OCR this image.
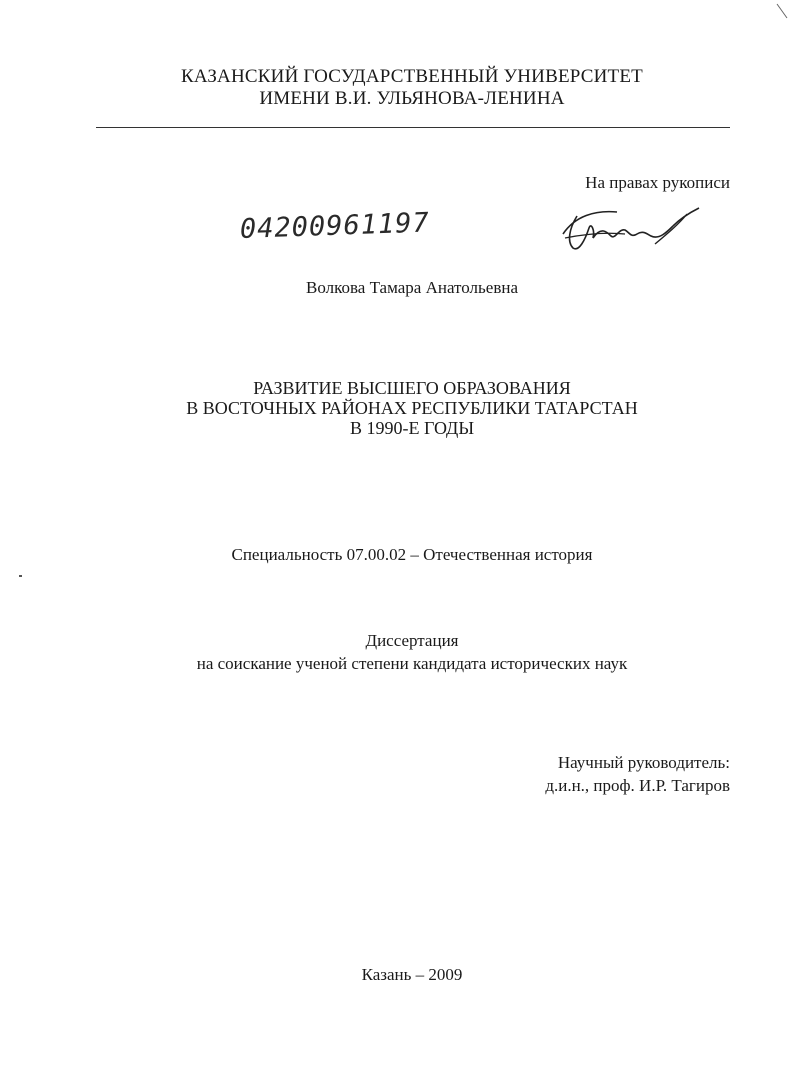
КАЗАНСКИЙ ГОСУДАРСТВЕННЫЙ УНИВЕРСИТЕТ
ИМЕНИ В.И. УЛЬЯНОВА-ЛЕНИНА
На правах рукописи
04200961197
Волкова Тамара Анатольевна
РАЗВИТИЕ ВЫСШЕГО ОБРАЗОВАНИЯ
В ВОСТОЧНЫХ РАЙОНАХ РЕСПУБЛИКИ ТАТАРСТАН
В 1990-Е ГОДЫ
Специальность 07.00.02 – Отечественная история
Диссертация
на соискание ученой степени кандидата исторических наук
Научный руководитель:
д.и.н., проф. И.Р. Тагиров
Казань – 2009
